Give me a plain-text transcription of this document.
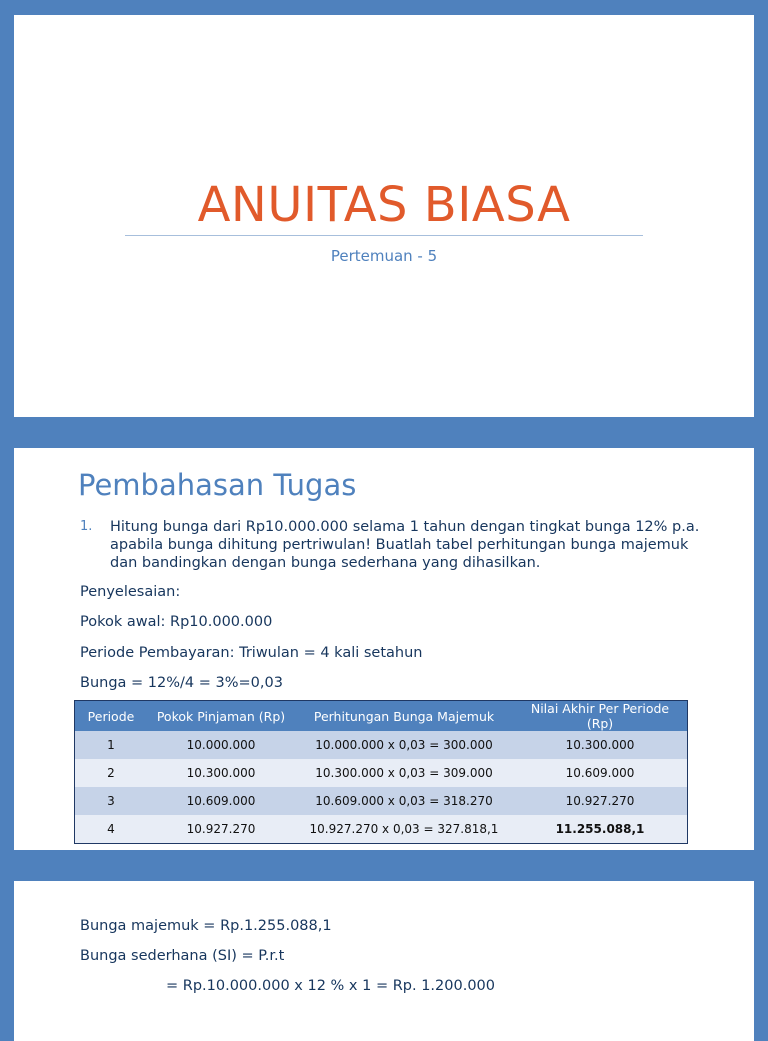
ANUITAS BIASA
Pertemuan - 5
Pembahasan Tugas
1. Hitung bunga dari Rp10.000.000 selama 1 tahun dengan tingkat bunga 12% p.a. apabila bunga dihitung pertriwulan! Buatlah tabel perhitungan bunga majemuk dan bandingkan dengan bunga sederhana yang dihasilkan.
Penyelesaian:
Pokok awal: Rp10.000.000
Periode Pembayaran: Triwulan = 4 kali setahun
Bunga = 12%/4 = 3%=0,03
Periode	Pokok Pinjaman (Rp)	Perhitungan Bunga Majemuk	Nilai Akhir Per Periode (Rp)
1	10.000.000	10.000.000 x 0,03 = 300.000	10.300.000
2	10.300.000	10.300.000 x 0,03 = 309.000	10.609.000
3	10.609.000	10.609.000 x 0,03 = 318.270	10.927.270
4	10.927.270	10.927.270 x 0,03 = 327.818,1	11.255.088,1
Bunga majemuk = Rp.1.255.088,1
Bunga sederhana (SI) = P.r.t
= Rp.10.000.000 x 12 % x 1 = Rp. 1.200.000
